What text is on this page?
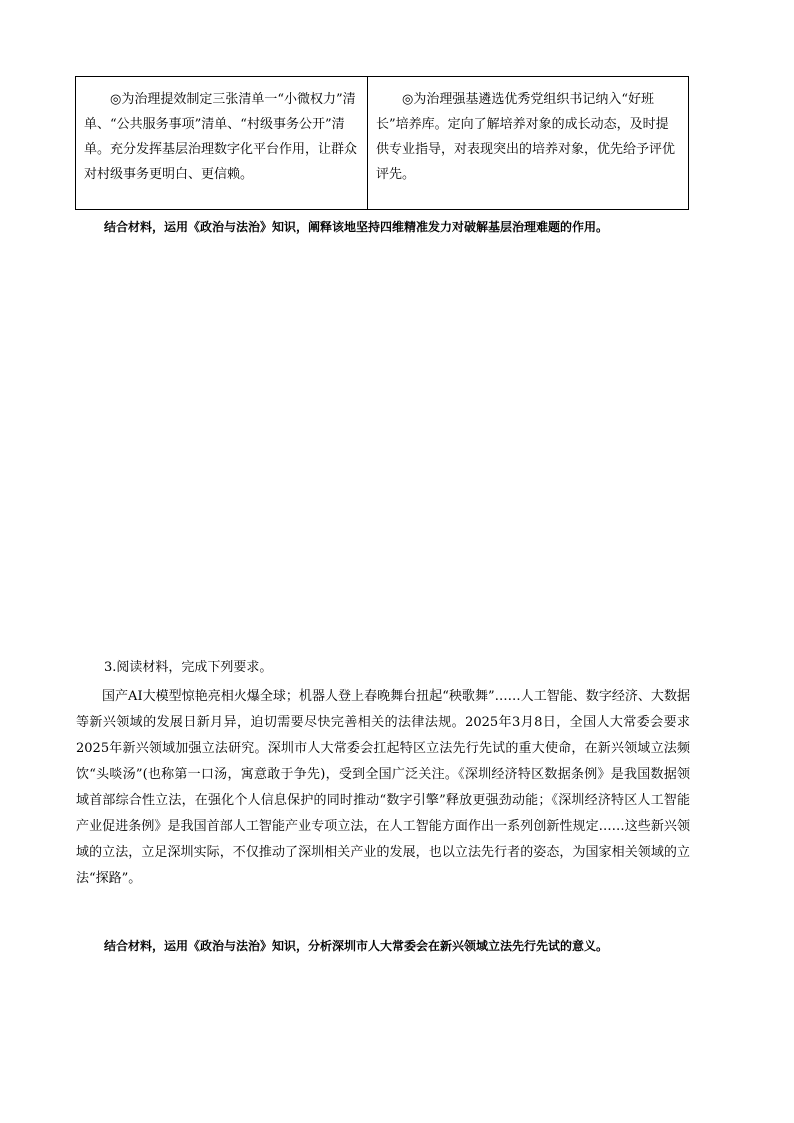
◎为治理提效制定三张清单一“小微权力”清单、“公共服务事项”清单、“村级事务公开”清单。充分发挥基层治理数字化平台作用，让群众对村级事务更明白、更信赖。
◎为治理强基遴选优秀党组织书记纳入“好班长”培养库。定向了解培养对象的成长动态，及时提供专业指导，对表现突出的培养对象，优先给予评优评先。
结合材料，运用《政治与法治》知识，阐释该地坚持四维精准发力对破解基层治理难题的作用。
3.阅读材料，完成下列要求。

国产AI大模型惊艳亮相火爆全球；机器人登上春晚舞台扭起“秧歌舞”……人工智能、数字经济、大数据等新兴领域的发展日新月异，迫切需要尽快完善相关的法律法规。2025年3月8日，全国人大常委会要求2025年新兴领域加强立法研究。深圳市人大常委会扛起特区立法先行先试的重大使命，在新兴领域立法频饮“头啖汤”(也称第一口汤，寓意敢于争先)，受到全国广泛关注。《深圳经济特区数据条例》是我国数据领域首部综合性立法，在强化个人信息保护的同时推动“数字引擎”释放更强劲动能；《深圳经济特区人工智能产业促进条例》是我国首部人工智能产业专项立法，在人工智能方面作出一系列创新性规定……这些新兴领域的立法，立足深圳实际，不仅推动了深圳相关产业的发展，也以立法先行者的姿态，为国家相关领域的立法“探路”。

结合材料，运用《政治与法治》知识，分析深圳市人大常委会在新兴领域立法先行先试的意义。
